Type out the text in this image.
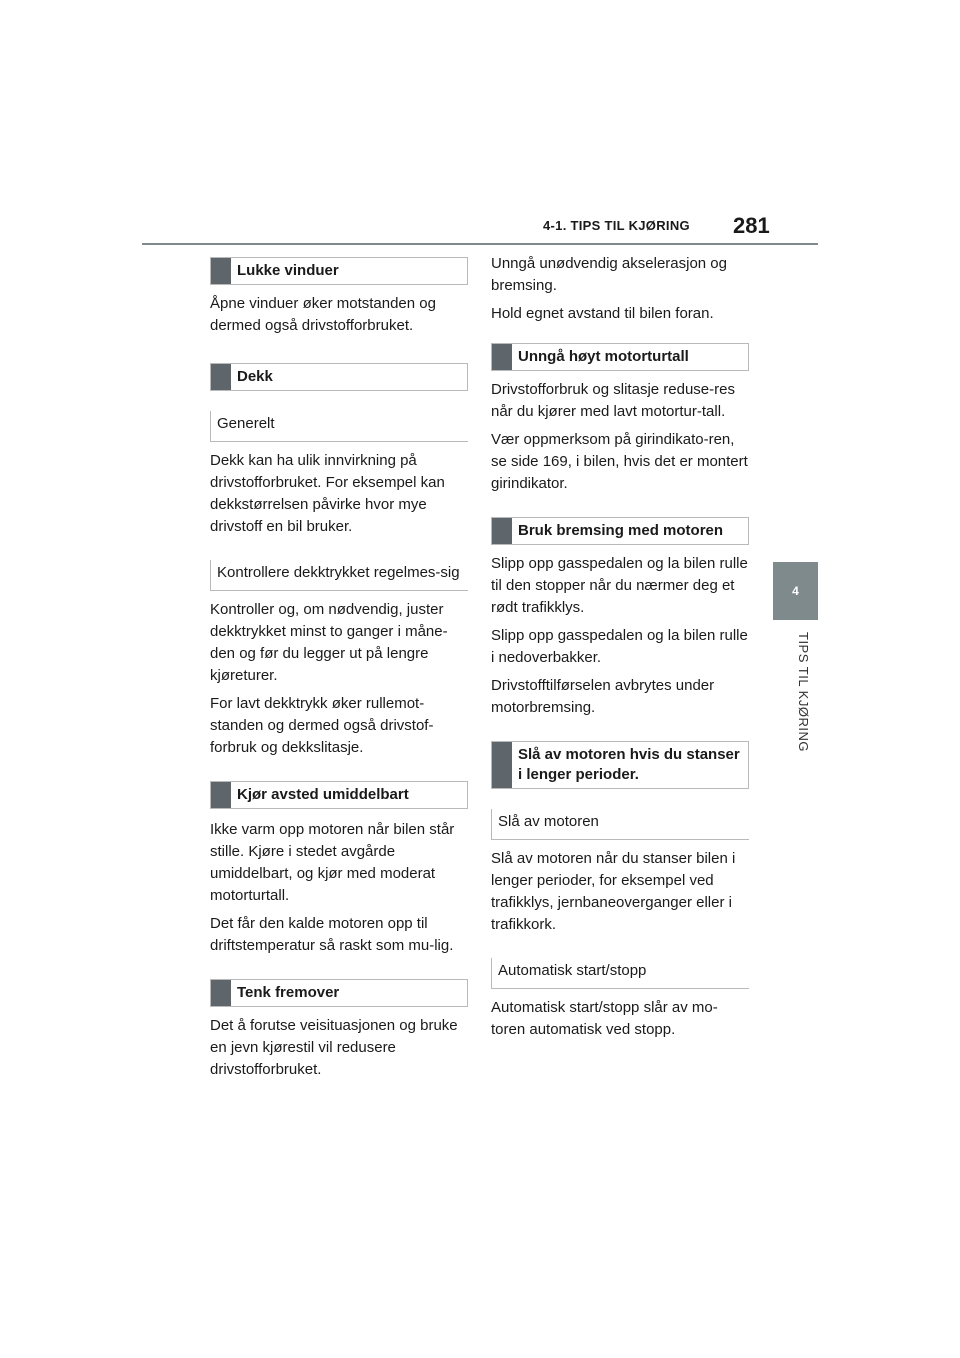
4-1. TIPS TIL KJØRING 281
4
TIPS TIL KJØRING
Lukke vinduer

Åpne vinduer øker motstanden og dermed også drivstofforbruket.

Dekk
Generelt

Dekk kan ha ulik innvirkning på drivstofforbruket. For eksempel kan dekkstørrelsen påvirke hvor mye drivstoff en bil bruker.

Kontrollere dekktrykket regelmes-sig

Kontroller og, om nødvendig, juster dekktrykket minst to ganger i måne-den og før du legger ut på lengre kjøreturer.

For lavt dekktrykk øker rullemot-standen og dermed også drivstof-forbruk og dekkslitasje.

Kjør avsted umiddelbart

Ikke varm opp motoren når bilen står stille. Kjøre i stedet avgårde umiddelbart, og kjør med moderat motorturtall.

Det får den kalde motoren opp til driftstemperatur så raskt som mu-lig.

Tenk fremover

Det å forutse veisituasjonen og bruke en jevn kjørestil vil redusere drivstofforbruket.

Unngå unødvendig akselerasjon og bremsing.

Hold egnet avstand til bilen foran.

Unngå høyt motorturtall

Drivstofforbruk og slitasje reduse-res når du kjører med lavt motortur-tall.

Vær oppmerksom på girindikato-ren, se side 169, i bilen, hvis det er montert girindikator.

Bruk bremsing med motoren

Slipp opp gasspedalen og la bilen rulle til den stopper når du nærmer deg et rødt trafikklys.

Slipp opp gasspedalen og la bilen rulle i nedoverbakker.

Drivstofftilførselen avbrytes under motorbremsing.

Slå av motoren hvis du stanser i lenger perioder.
Slå av motoren

Slå av motoren når du stanser bilen i lenger perioder, for eksempel ved trafikklys, jernbaneoverganger eller i trafikkork.

Automatisk start/stopp

Automatisk start/stopp slår av mo-toren automatisk ved stopp.
